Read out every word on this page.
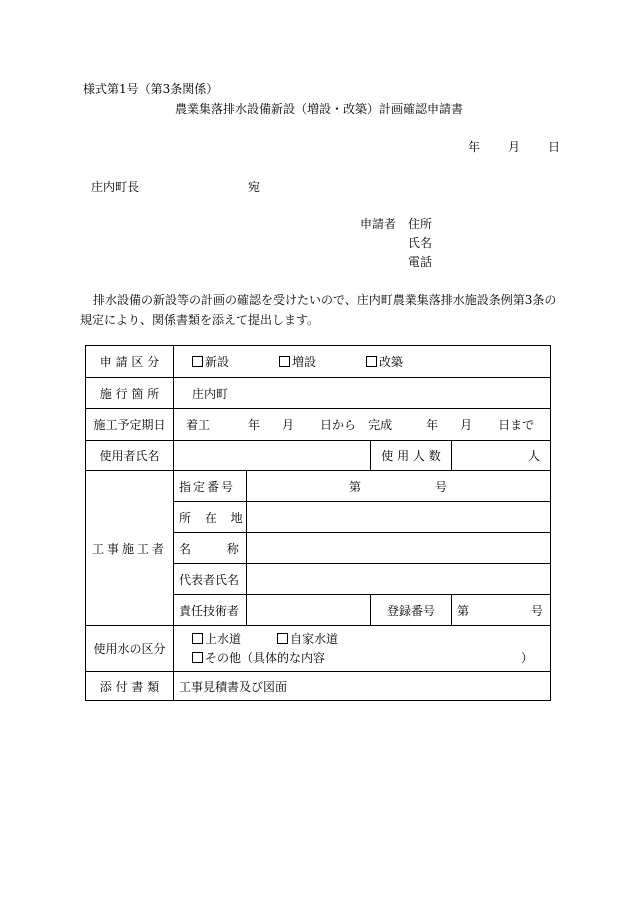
様式第1号（第3条関係）
農業集落排水設備新設（増設・改築）計画確認申請書
年 月 日
庄内町長	宛
申請者 住所
氏名
電話
排水設備の新設等の計画の確認を受けたいので、庄内町農業集落排水施設条例第3条の
規定により、関係書類を添えて提出します。
申 請 区 分	新設 増設 改築			
施 行 箇 所	庄内町			
施工予定期日	着工 年 月 日から 完成 年 月 日まで			
使用者氏名			使 用 人 数	人
工事施工者	指定番号	第 号		
	所 在 地			
	名 称			
	代表者氏名			
	責任技術者		登録番号	第 号
使用水の区分	上水道 自家水道
その他（具体的な内容 ）			

添 付 書 類	工事見積書及び図面			
